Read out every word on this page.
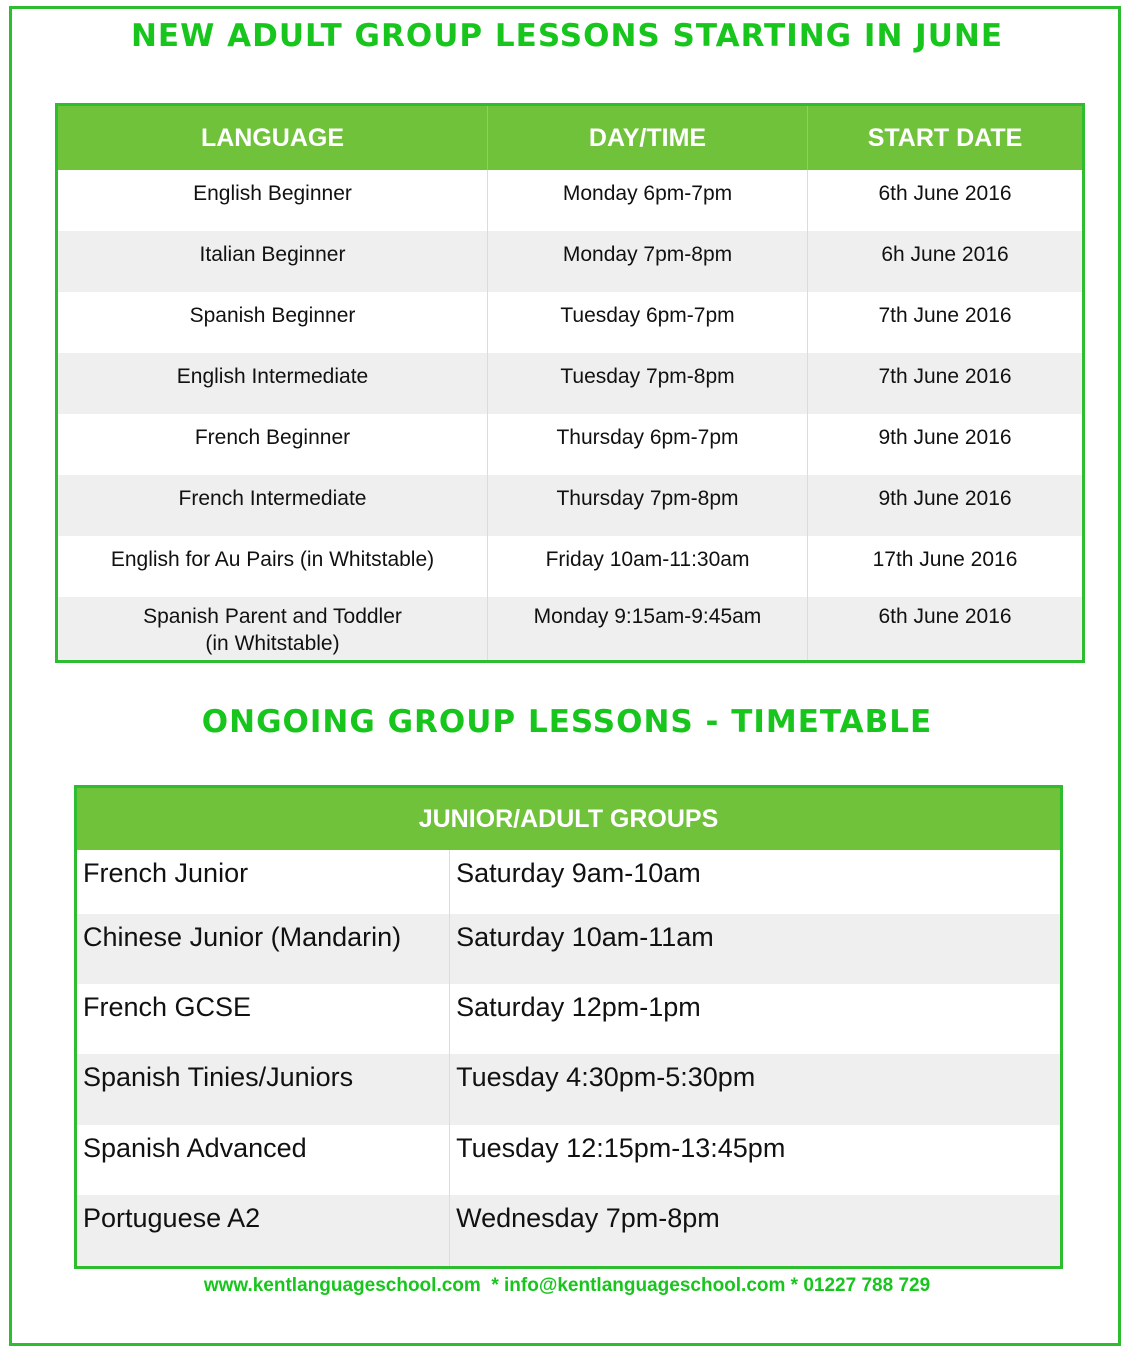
NEW ADULT GROUP LESSONS STARTING IN JUNE
LANGUAGE	DAY/TIME	START DATE
English Beginner	Monday 6pm-7pm	6th June 2016
Italian Beginner	Monday 7pm-8pm	6h June 2016
Spanish Beginner	Tuesday 6pm-7pm	7th June 2016
English Intermediate	Tuesday 7pm-8pm	7th June 2016
French Beginner	Thursday 6pm-7pm	9th June 2016
French Intermediate	Thursday 7pm-8pm	9th June 2016
English for Au Pairs (in Whitstable)	Friday 10am-11:30am	17th June 2016

Spanish Parent and Toddler
(in Whitstable)	Monday 9:15am-9:45am	6th June 2016
ONGOING GROUP LESSONS - TIMETABLE
JUNIOR/ADULT GROUPS	
French Junior	Saturday 9am-10am
Chinese Junior (Mandarin)	Saturday 10am-11am
French GCSE	Saturday 12pm-1pm
Spanish Tinies/Juniors	Tuesday 4:30pm-5:30pm
Spanish Advanced	Tuesday 12:15pm-13:45pm
Portuguese A2	Wednesday 7pm-8pm
www.kentlanguageschool.com  * info@kentlanguageschool.com * 01227 788 729
